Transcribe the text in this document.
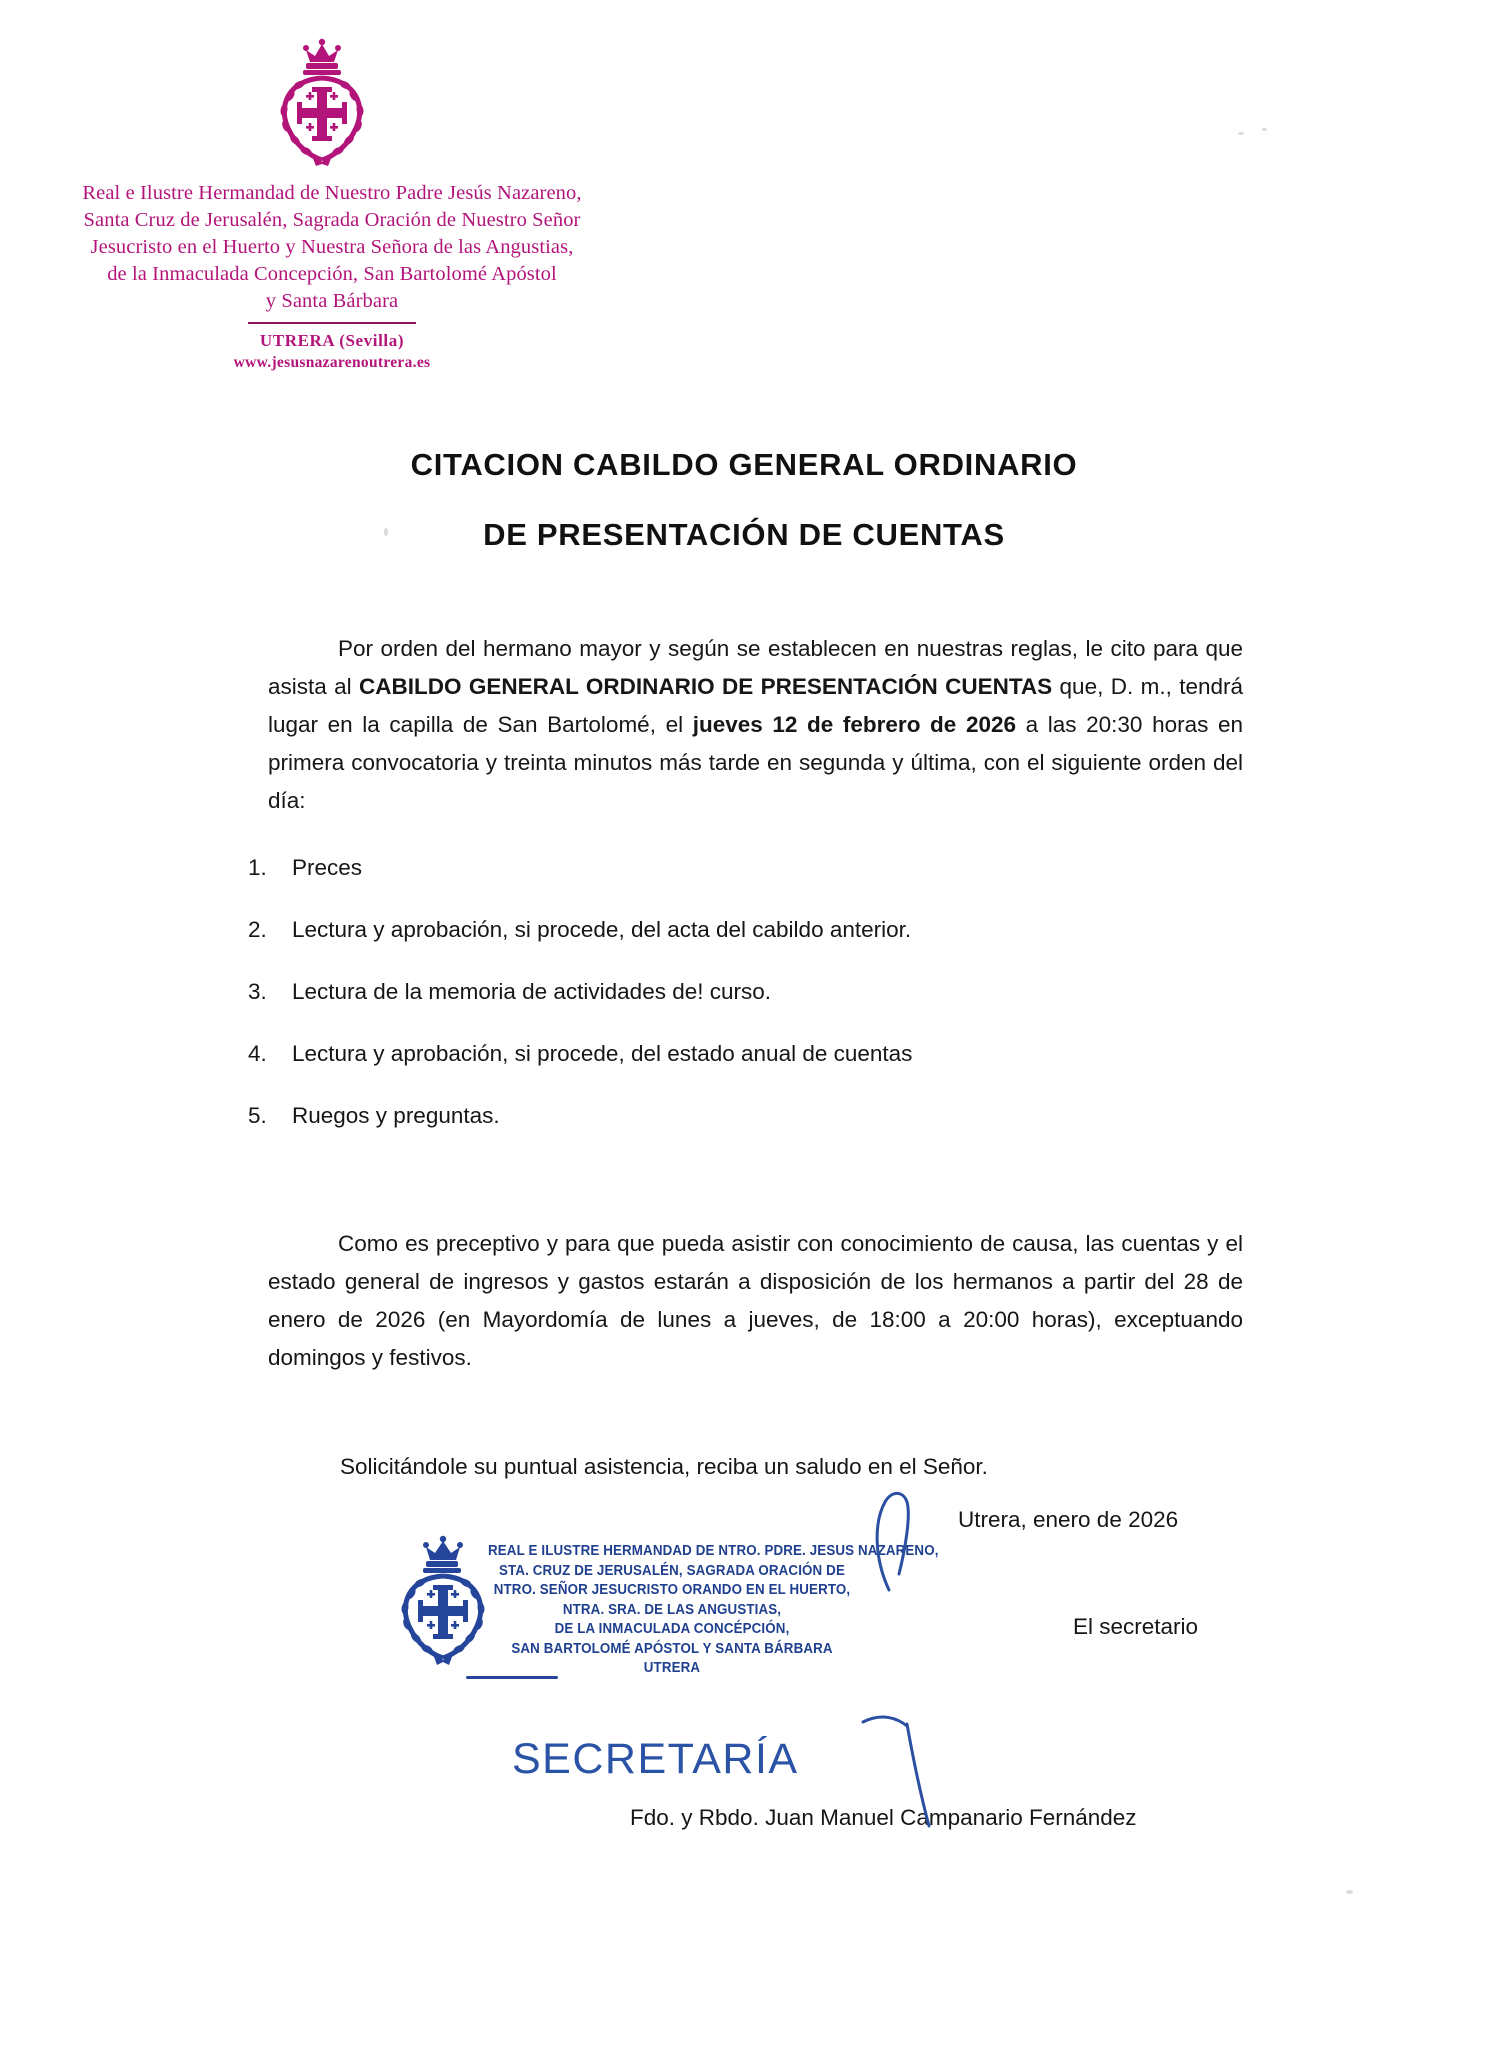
Real e Ilustre Hermandad de Nuestro Padre Jesús Nazareno,
Santa Cruz de Jerusalén, Sagrada Oración de Nuestro Señor
Jesucristo en el Huerto y Nuestra Señora de las Angustias,
de la Inmaculada Concepción, San Bartolomé Apóstol
y Santa Bárbara
UTRERA (Sevilla)
www.jesusnazarenoutrera.es
CITACION CABILDO GENERAL ORDINARIO
DE PRESENTACIÓN DE CUENTAS

Por orden del hermano mayor y según se establecen en nuestras reglas, le cito para que asista al CABILDO GENERAL ORDINARIO DE PRESENTACIÓN CUENTAS que, D. m., tendrá lugar en la capilla de San Bartolomé, el jueves 12 de febrero de 2026 a las 20:30 horas en primera convocatoria y treinta minutos más tarde en segunda y última, con el siguiente orden del día:

1.	Preces
2.	Lectura y aprobación, si procede, del acta del cabildo anterior.
3.	Lectura de la memoria de actividades de! curso.
4.	Lectura y aprobación, si procede, del estado anual de cuentas
5.	Ruegos y preguntas.

Como es preceptivo y para que pueda asistir con conocimiento de causa, las cuentas y el estado general de ingresos y gastos estarán a disposición de los hermanos a partir del 28 de enero de 2026 (en Mayordomía de lunes a jueves, de 18:00 a 20:00 horas), exceptuando domingos y festivos.

Solicitándole su puntual asistencia, reciba un saludo en el Señor.
Utrera, enero de 2026
El secretario
Fdo. y Rbdo. Juan Manuel Campanario Fernández
REAL E ILUSTRE HERMANDAD DE NTRO. PDRE. JESUS NAZARENO,
STA. CRUZ DE JERUSALÉN, SAGRADA ORACIÓN DE
NTRO. SEÑOR JESUCRISTO ORANDO EN EL HUERTO,
NTRA. SRA. DE LAS ANGUSTIAS,
DE LA INMACULADA CONCÉPCIÓN,
SAN BARTOLOMÉ APÓSTOL Y SANTA BÁRBARA
UTRERA
SECRETARÍA
